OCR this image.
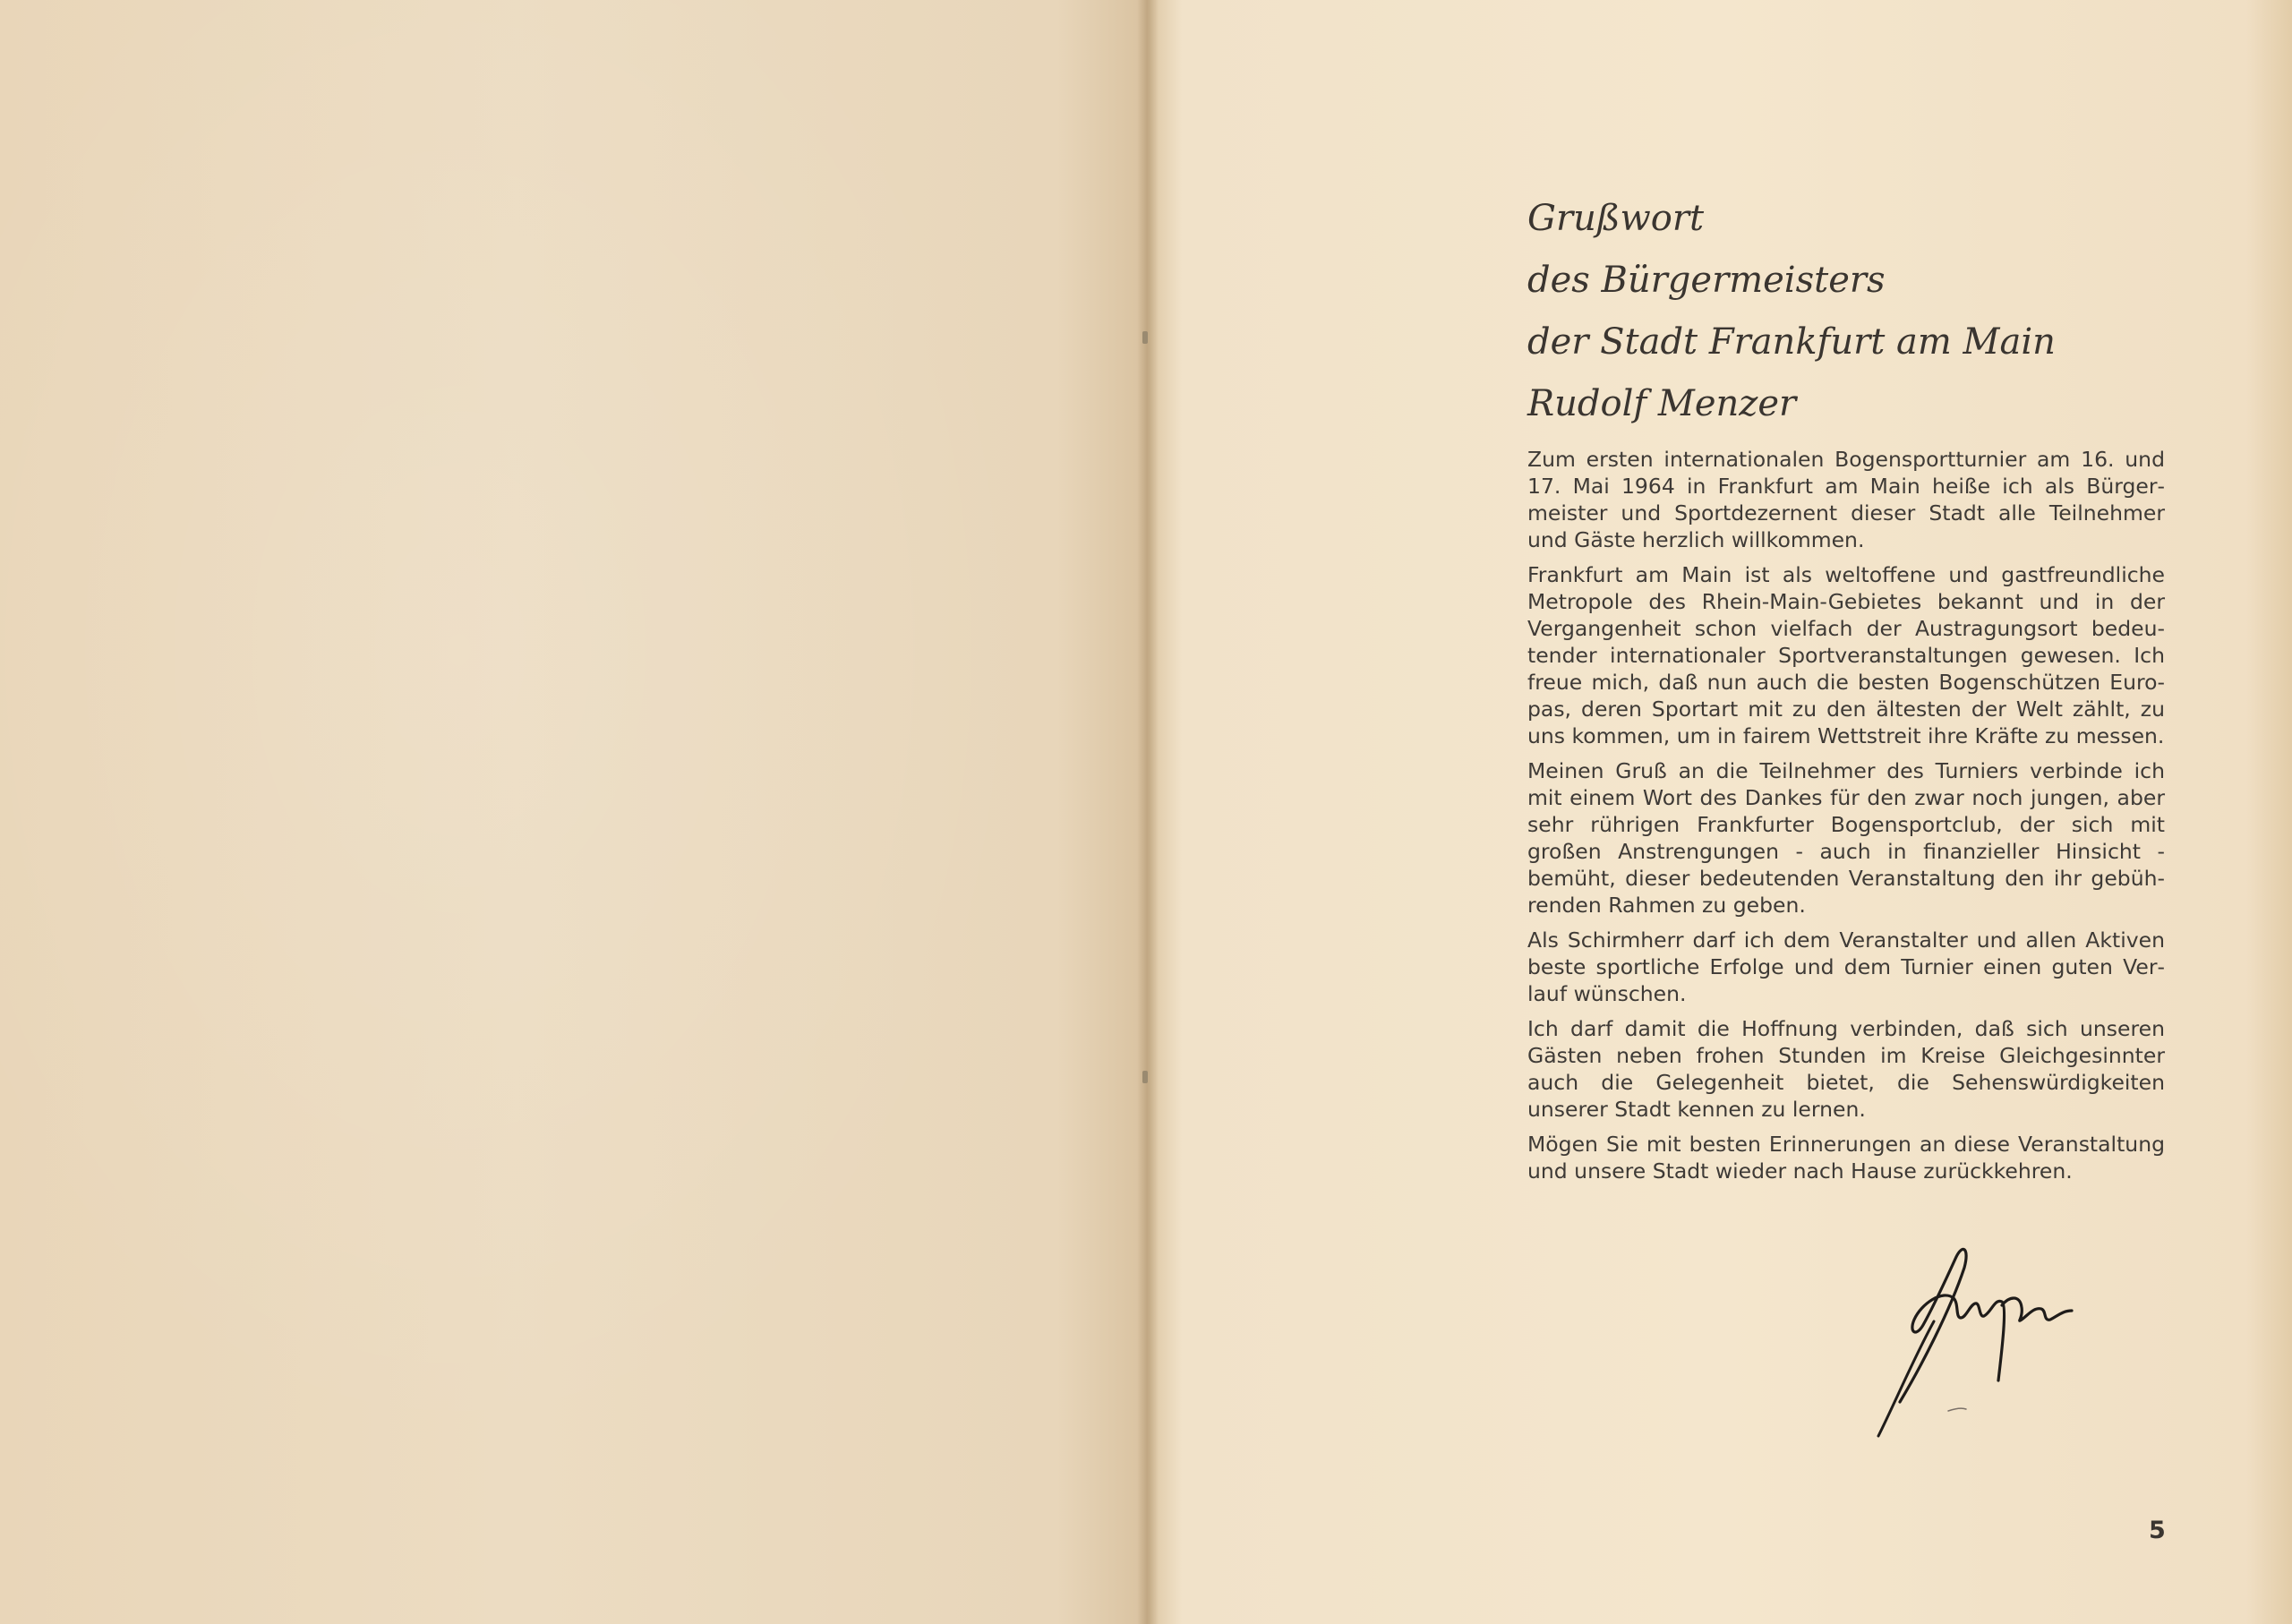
Grußwort
des Bürgermeisters
der Stadt Frankfurt am Main
Rudolf Menzer

Zum ersten internationalen Bogensportturnier am 16. und 17. Mai 1964 in Frankfurt am Main heiße ich als Bürgermeister und Sportdezernent dieser Stadt alle Teilnehmer und Gäste herzlich willkommen.

Frankfurt am Main ist als weltoffene und gastfreundliche Metropole des Rhein-Main-Gebietes bekannt und in der Vergangenheit schon vielfach der Austragungsort bedeutender internationaler Sportveranstaltungen gewesen. Ich freue mich, daß nun auch die besten Bogenschützen Europas, deren Sportart mit zu den ältesten der Welt zählt, zu uns kommen, um in fairem Wettstreit ihre Kräfte zu messen.

Meinen Gruß an die Teilnehmer des Turniers verbinde ich mit einem Wort des Dankes für den zwar noch jungen, aber sehr rührigen Frankfurter Bogensportclub, der sich mit großen Anstrengungen - auch in finanzieller Hinsicht - bemüht, dieser bedeutenden Veranstaltung den ihr gebührenden Rahmen zu geben.

Als Schirmherr darf ich dem Veranstalter und allen Aktiven beste sportliche Erfolge und dem Turnier einen guten Verlauf wünschen.

Ich darf damit die Hoffnung verbinden, daß sich unseren Gästen neben frohen Stunden im Kreise Gleichgesinnter auch die Gelegenheit bietet, die Sehenswürdigkeiten unserer Stadt kennen zu lernen.

Mögen Sie mit besten Erinnerungen an diese Veranstaltung und unsere Stadt wieder nach Hause zurückkehren.

5
